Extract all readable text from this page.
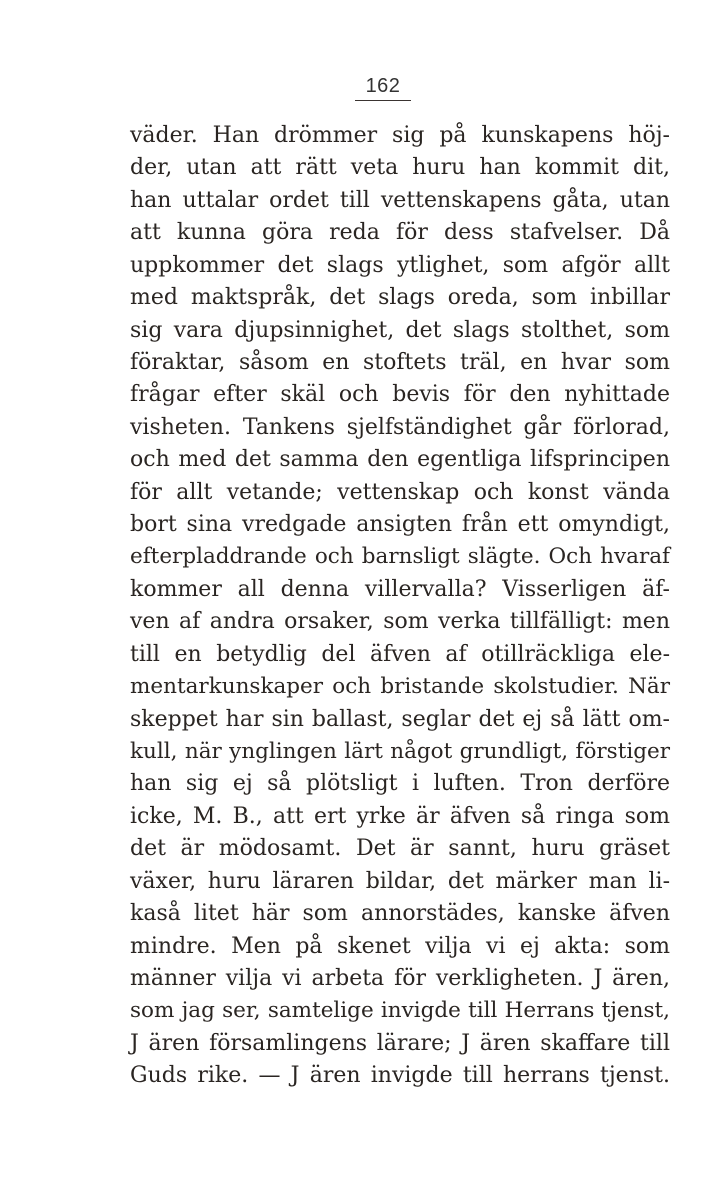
162
väder. Han drömmer sig på kunskapens höj-
der, utan att rätt veta huru han kommit dit,
han uttalar ordet till vettenskapens gåta, utan
att kunna göra reda för dess stafvelser. Då
uppkommer det slags ytlighet, som afgör allt
med maktspråk, det slags oreda, som inbillar
sig vara djupsinnighet, det slags stolthet, som
föraktar, såsom en stoftets träl, en hvar som
frågar efter skäl och bevis för den nyhittade
visheten. Tankens sjelfständighet går förlorad,
och med det samma den egentliga lifsprincipen
för allt vetande; vettenskap och konst vända
bort sina vredgade ansigten från ett omyndigt,
efterpladdrande och barnsligt slägte. Och hvaraf
kommer all denna villervalla? Visserligen äf-
ven af andra orsaker, som verka tillfälligt: men
till en betydlig del äfven af otillräckliga ele-
mentarkunskaper och bristande skolstudier. När
skeppet har sin ballast, seglar det ej så lätt om-
kull, när ynglingen lärt något grundligt, förstiger
han sig ej så plötsligt i luften. Tron derföre
icke, M. B., att ert yrke är äfven så ringa som
det är mödosamt. Det är sannt, huru gräset
växer, huru läraren bildar, det märker man li-
kaså litet här som annorstädes, kanske äfven
mindre. Men på skenet vilja vi ej akta: som
männer vilja vi arbeta för verkligheten. J ären,
som jag ser, samtelige invigde till Herrans tjenst,
J ären församlingens lärare; J ären skaffare till
Guds rike. — J ären invigde till herrans tjenst.
